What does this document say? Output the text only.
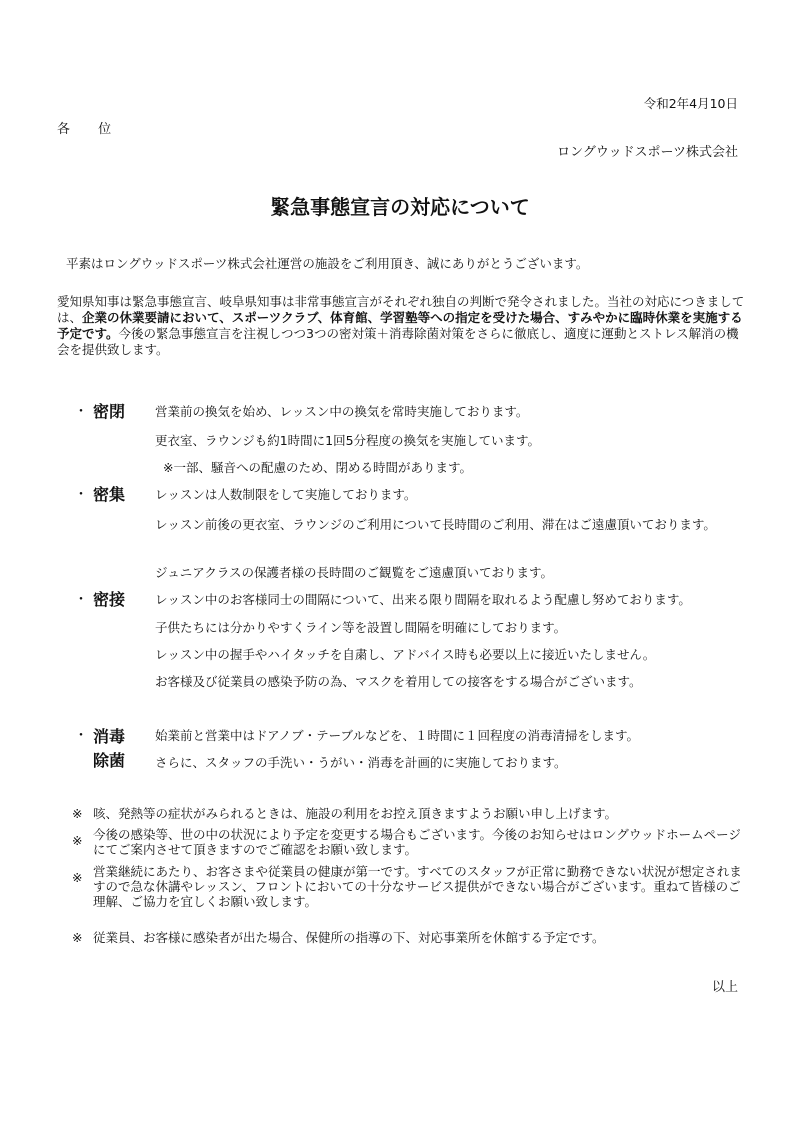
令和2年4月10日
各 位
ロングウッドスポーツ株式会社
緊急事態宣言の対応について
平素はロングウッドスポーツ株式会社運営の施設をご利用頂き、誠にありがとうございます。
愛知県知事は緊急事態宣言、岐阜県知事は非常事態宣言がそれぞれ独自の判断で発令されました。当社の対応につきましては、企業の休業要請において、スポーツクラブ、体育館、学習塾等への指定を受けた場合、すみやかに臨時休業を実施する予定です。今後の緊急事態宣言を注視しつつ3つの密対策＋消毒除菌対策をさらに徹底し、適度に運動とストレス解消の機会を提供致します。
・ 密閉 営業前の換気を始め、レッスン中の換気を常時実施しております。
更衣室、ラウンジも約1時間に1回5分程度の換気を実施しています。
※一部、騒音への配慮のため、閉める時間があります。
・ 密集 レッスンは人数制限をして実施しております。
レッスン前後の更衣室、ラウンジのご利用について長時間のご利用、滞在はご遠慮頂いております。
ジュニアクラスの保護者様の長時間のご観覧をご遠慮頂いております。
・ 密接 レッスン中のお客様同士の間隔について、出来る限り間隔を取れるよう配慮し努めております。
子供たちには分かりやすくライン等を設置し間隔を明確にしております。
レッスン中の握手やハイタッチを自粛し、アドバイス時も必要以上に接近いたしません。
お客様及び従業員の感染予防の為、マスクを着用しての接客をする場合がございます。
・ 消毒
除菌
始業前と営業中はドアノブ・テーブルなどを、１時間に１回程度の消毒清掃をします。
さらに、スタッフの手洗い・うがい・消毒を計画的に実施しております。
※ 咳、発熱等の症状がみられるときは、施設の利用をお控え頂きますようお願い申し上げます。
※ 今後の感染等、世の中の状況により予定を変更する場合もございます。今後のお知らせはロングウッドホームページにてご案内させて頂きますのでご確認をお願い致します。
※ 営業継続にあたり、お客さまや従業員の健康が第一です。すべてのスタッフが正常に勤務できない状況が想定されますので急な休講やレッスン、フロントにおいての十分なサービス提供ができない場合がございます。重ねて皆様のご理解、ご協力を宜しくお願い致します。
※ 従業員、お客様に感染者が出た場合、保健所の指導の下、対応事業所を休館する予定です。
以上
